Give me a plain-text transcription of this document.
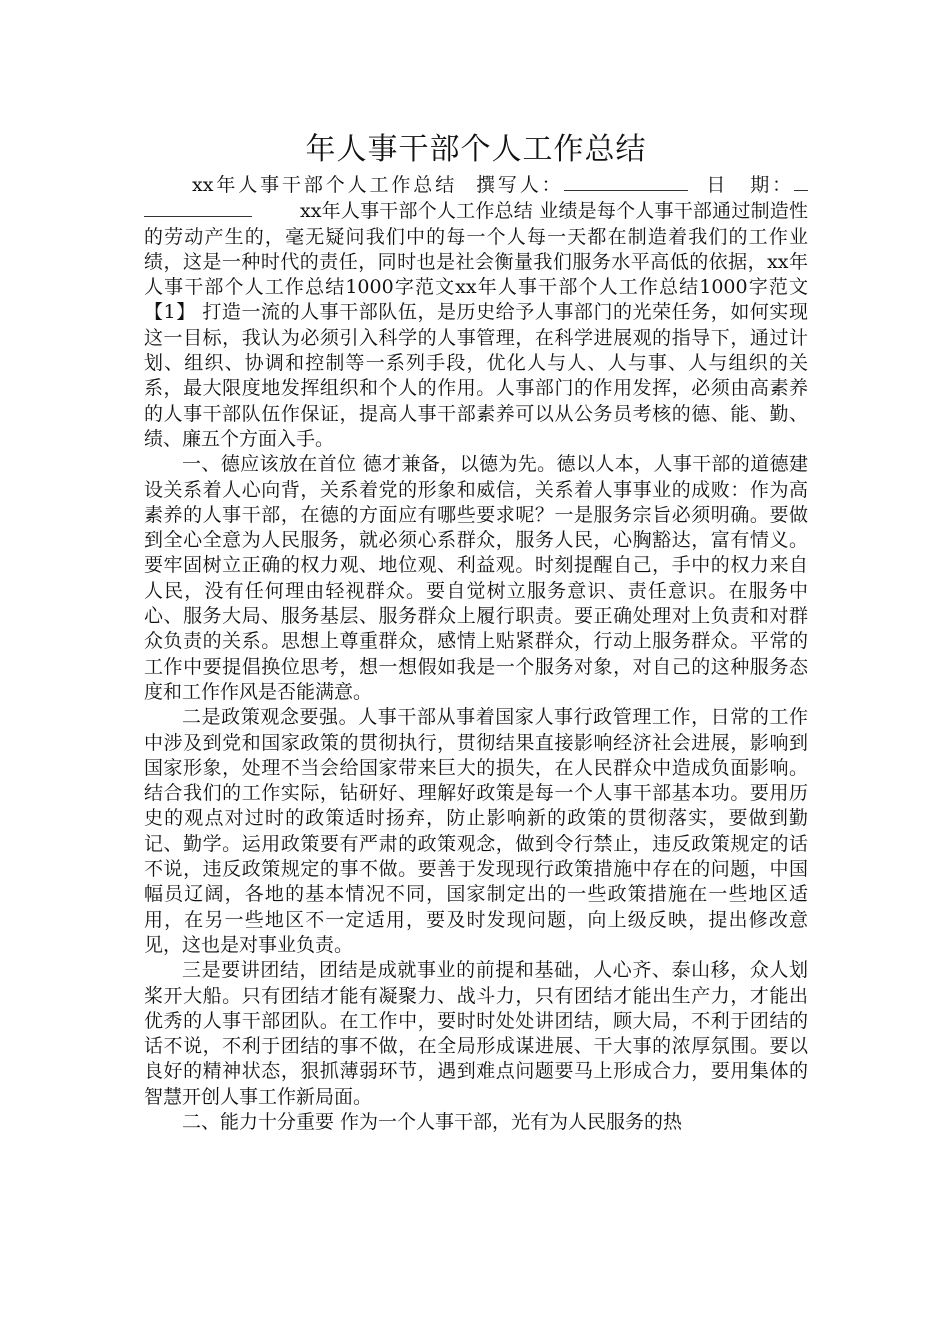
年人事干部个人工作总结

xx年人事干部个人工作总结 撰写人：	日　期： xx年人事干部个人工作总结 业绩是每个人事干部通过制造性的劳动产生的，毫无疑问我们中的每一个人每一天都在制造着我们的工作业绩，这是一种时代的责任，同时也是社会衡量我们服务水平高低的依据，xx年人事干部个人工作总结1000字范文xx年人事干部个人工作总结1000字范文【1】 打造一流的人事干部队伍，是历史给予人事部门的光荣任务，如何实现这一目标，我认为必须引入科学的人事管理，在科学进展观的指导下，通过计划、组织、协调和控制等一系列手段，优化人与人、人与事、人与组织的关系，最大限度地发挥组织和个人的作用。人事部门的作用发挥，必须由高素养的人事干部队伍作保证，提高人事干部素养可以从公务员考核的德、能、勤、绩、廉五个方面入手。

一、德应该放在首位 德才兼备，以德为先。德以人本，人事干部的道德建设关系着人心向背，关系着党的形象和威信，关系着人事事业的成败：作为高素养的人事干部，在德的方面应有哪些要求呢？一是服务宗旨必须明确。要做到全心全意为人民服务，就必须心系群众，服务人民，心胸豁达，富有情义。要牢固树立正确的权力观、地位观、利益观。时刻提醒自己，手中的权力来自人民，没有任何理由轻视群众。要自觉树立服务意识、责任意识。在服务中心、服务大局、服务基层、服务群众上履行职责。要正确处理对上负责和对群众负责的关系。思想上尊重群众，感情上贴紧群众，行动上服务群众。平常的工作中要提倡换位思考，想一想假如我是一个服务对象，对自己的这种服务态度和工作作风是否能满意。

二是政策观念要强。人事干部从事着国家人事行政管理工作，日常的工作中涉及到党和国家政策的贯彻执行，贯彻结果直接影响经济社会进展，影响到国家形象，处理不当会给国家带来巨大的损失，在人民群众中造成负面影响。结合我们的工作实际，钻研好、理解好政策是每一个人事干部基本功。要用历史的观点对过时的政策适时扬弃，防止影响新的政策的贯彻落实，要做到勤记、勤学。运用政策要有严肃的政策观念，做到令行禁止，违反政策规定的话不说，违反政策规定的事不做。要善于发现现行政策措施中存在的问题，中国幅员辽阔，各地的基本情况不同，国家制定出的一些政策措施在一些地区适用，在另一些地区不一定适用，要及时发现问题，向上级反映，提出修改意见，这也是对事业负责。

三是要讲团结，团结是成就事业的前提和基础，人心齐、泰山移，众人划桨开大船。只有团结才能有凝聚力、战斗力，只有团结才能出生产力，才能出优秀的人事干部团队。在工作中，要时时处处讲团结，顾大局，不利于团结的话不说，不利于团结的事不做，在全局形成谋进展、干大事的浓厚氛围。要以良好的精神状态，狠抓薄弱环节，遇到难点问题要马上形成合力，要用集体的智慧开创人事工作新局面。

二、能力十分重要 作为一个人事干部，光有为人民服务的热
